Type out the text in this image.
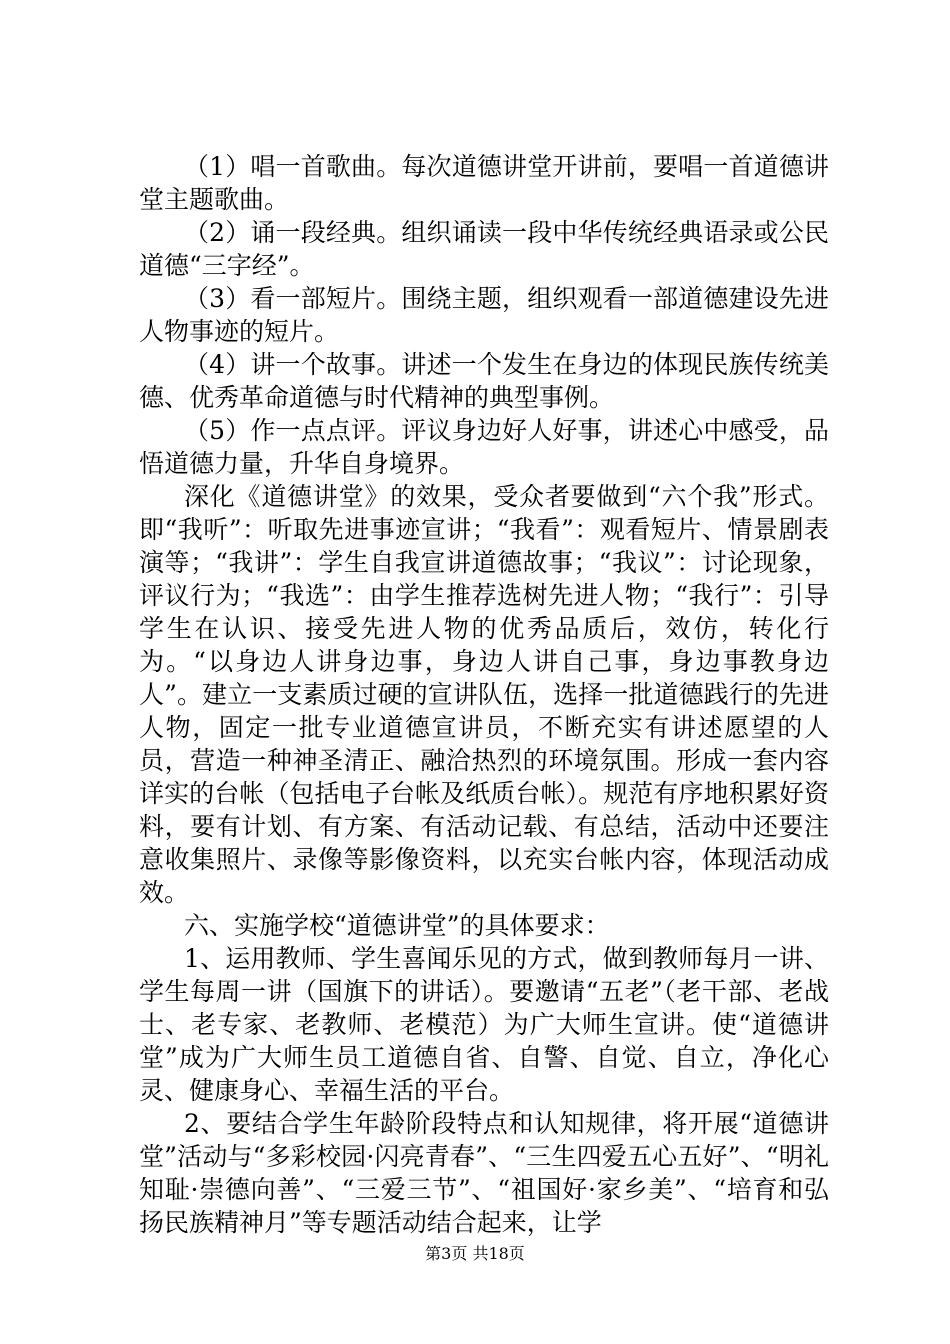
（1）唱一首歌曲。每次道德讲堂开讲前，要唱一首道德讲堂主题歌曲。

（2）诵一段经典。组织诵读一段中华传统经典语录或公民道德“三字经”。

（3）看一部短片。围绕主题，组织观看一部道德建设先进人物事迹的短片。

（4）讲一个故事。讲述一个发生在身边的体现民族传统美德、优秀革命道德与时代精神的典型事例。

（5）作一点点评。评议身边好人好事，讲述心中感受，品悟道德力量，升华自身境界。

深化《道德讲堂》的效果，受众者要做到“六个我”形式。即“我听”：听取先进事迹宣讲；“我看”：观看短片、情景剧表演等；“我讲”：学生自我宣讲道德故事；“我议”：讨论现象，评议行为；“我选”：由学生推荐选树先进人物；“我行”：引导学生在认识、接受先进人物的优秀品质后，效仿，转化行为。“以身边人讲身边事，身边人讲自己事，身边事教身边人”。建立一支素质过硬的宣讲队伍，选择一批道德践行的先进人物，固定一批专业道德宣讲员，不断充实有讲述愿望的人员，营造一种神圣清正、融洽热烈的环境氛围。形成一套内容详实的台帐（包括电子台帐及纸质台帐）。规范有序地积累好资料，要有计划、有方案、有活动记载、有总结，活动中还要注意收集照片、录像等影像资料，以充实台帐内容，体现活动成效。

六、实施学校“道德讲堂”的具体要求：

1、运用教师、学生喜闻乐见的方式，做到教师每月一讲、学生每周一讲（国旗下的讲话）。要邀请“五老”（老干部、老战士、老专家、老教师、老模范）为广大师生宣讲。使“道德讲堂”成为广大师生员工道德自省、自警、自觉、自立，净化心灵、健康身心、幸福生活的平台。

2、要结合学生年龄阶段特点和认知规律，将开展“道德讲堂”活动与“多彩校园·闪亮青春”、“三生四爱五心五好”、“明礼知耻·崇德向善”、“三爱三节”、“祖国好·家乡美”、“培育和弘扬民族精神月”等专题活动结合起来，让学

第3页 共18页
